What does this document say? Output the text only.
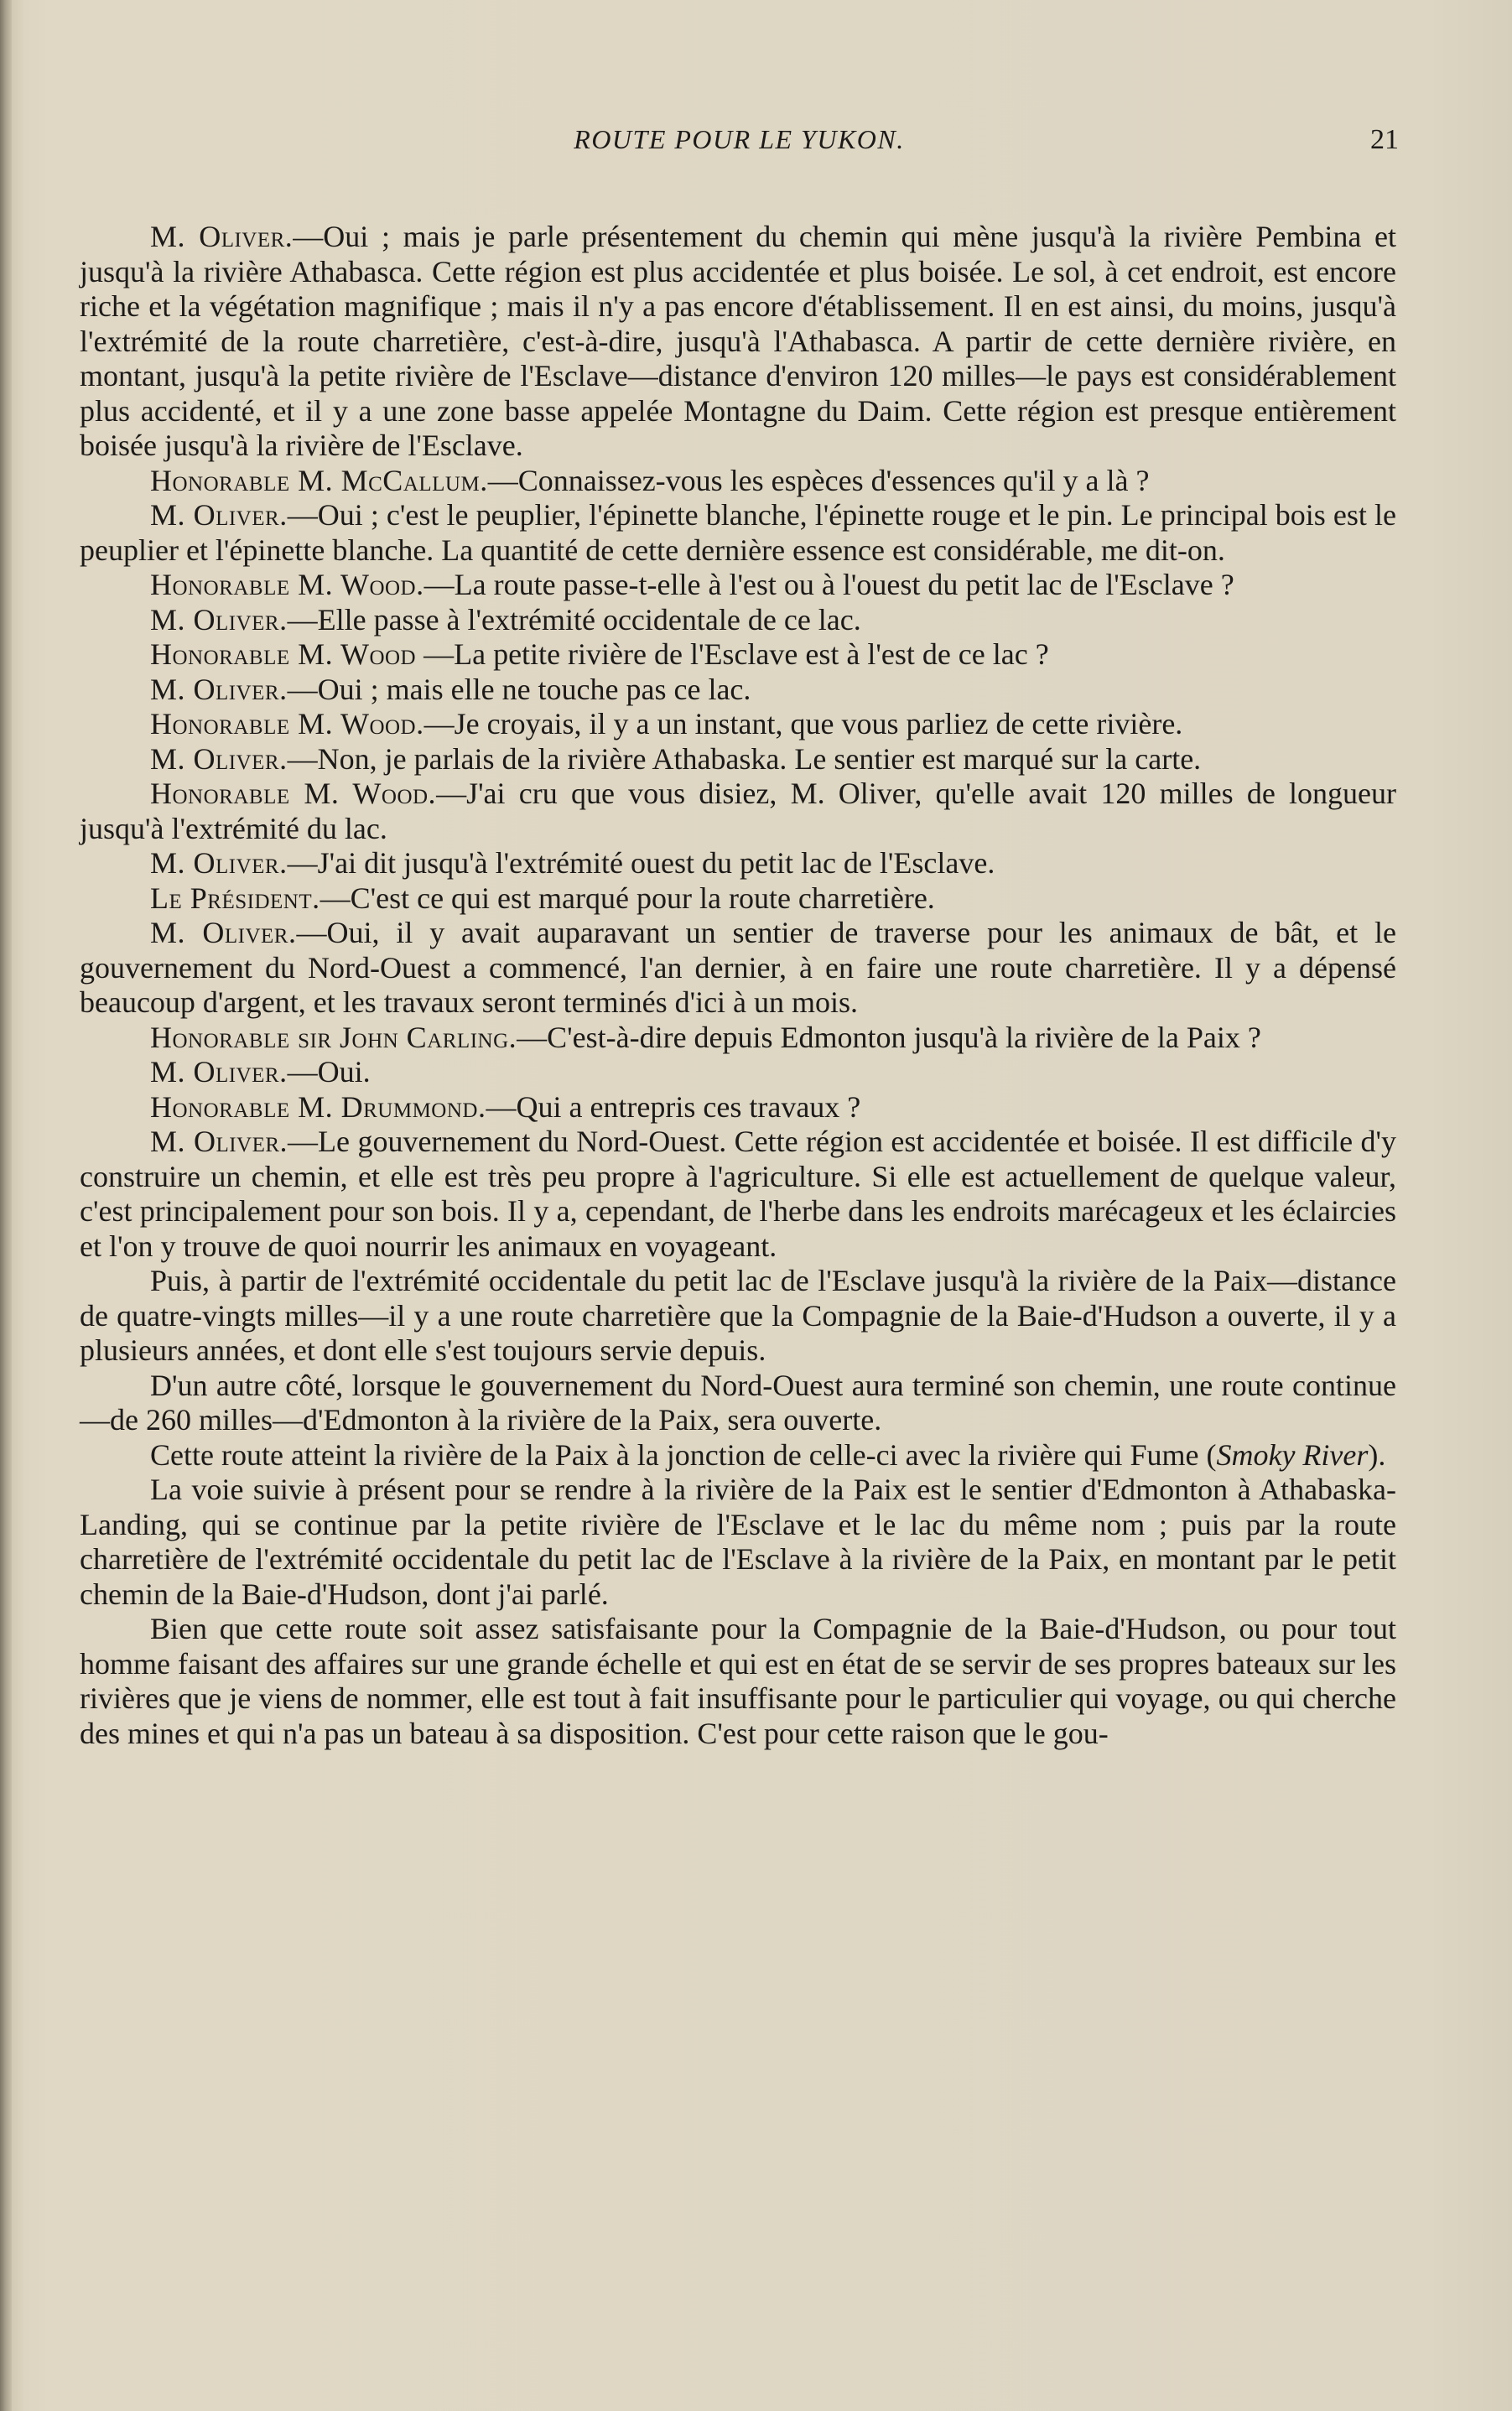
ROUTE POUR LE YUKON.	21

M. Oliver.—Oui ; mais je parle présentement du chemin qui mène jusqu'à la rivière Pembina et jusqu'à la rivière Athabasca. Cette région est plus accidentée et plus boisée. Le sol, à cet endroit, est encore riche et la végétation magnifique ; mais il n'y a pas encore d'établissement. Il en est ainsi, du moins, jusqu'à l'extrémité de la route charretière, c'est-à-dire, jusqu'à l'Athabasca. A partir de cette dernière rivière, en montant, jusqu'à la petite rivière de l'Esclave—distance d'environ 120 milles—le pays est considérablement plus accidenté, et il y a une zone basse appelée Montagne du Daim. Cette région est presque entièrement boisée jusqu'à la rivière de l'Esclave.

Honorable M. McCallum.—Connaissez-vous les espèces d'essences qu'il y a là ?

M. Oliver.—Oui ; c'est le peuplier, l'épinette blanche, l'épinette rouge et le pin. Le principal bois est le peuplier et l'épinette blanche. La quantité de cette dernière essence est considérable, me dit-on.

Honorable M. Wood.—La route passe-t-elle à l'est ou à l'ouest du petit lac de l'Esclave ?

M. Oliver.—Elle passe à l'extrémité occidentale de ce lac.

Honorable M. Wood —La petite rivière de l'Esclave est à l'est de ce lac ?

M. Oliver.—Oui ; mais elle ne touche pas ce lac.

Honorable M. Wood.—Je croyais, il y a un instant, que vous parliez de cette rivière.

M. Oliver.—Non, je parlais de la rivière Athabaska. Le sentier est marqué sur la carte.

Honorable M. Wood.—J'ai cru que vous disiez, M. Oliver, qu'elle avait 120 milles de longueur jusqu'à l'extrémité du lac.

M. Oliver.—J'ai dit jusqu'à l'extrémité ouest du petit lac de l'Esclave.

Le Président.—C'est ce qui est marqué pour la route charretière.

M. Oliver.—Oui, il y avait auparavant un sentier de traverse pour les animaux de bât, et le gouvernement du Nord-Ouest a commencé, l'an dernier, à en faire une route charretière. Il y a dépensé beaucoup d'argent, et les travaux seront terminés d'ici à un mois.

Honorable sir John Carling.—C'est-à-dire depuis Edmonton jusqu'à la rivière de la Paix ?

M. Oliver.—Oui.

Honorable M. Drummond.—Qui a entrepris ces travaux ?

M. Oliver.—Le gouvernement du Nord-Ouest. Cette région est accidentée et boisée. Il est difficile d'y construire un chemin, et elle est très peu propre à l'agriculture. Si elle est actuellement de quelque valeur, c'est principalement pour son bois. Il y a, cependant, de l'herbe dans les endroits marécageux et les éclaircies et l'on y trouve de quoi nourrir les animaux en voyageant.

Puis, à partir de l'extrémité occidentale du petit lac de l'Esclave jusqu'à la rivière de la Paix—distance de quatre-vingts milles—il y a une route charretière que la Compagnie de la Baie-d'Hudson a ouverte, il y a plusieurs années, et dont elle s'est toujours servie depuis.

D'un autre côté, lorsque le gouvernement du Nord-Ouest aura terminé son chemin, une route continue—de 260 milles—d'Edmonton à la rivière de la Paix, sera ouverte.

Cette route atteint la rivière de la Paix à la jonction de celle-ci avec la rivière qui Fume (Smoky River).

La voie suivie à présent pour se rendre à la rivière de la Paix est le sentier d'Edmonton à Athabaska-Landing, qui se continue par la petite rivière de l'Esclave et le lac du même nom ; puis par la route charretière de l'extrémité occidentale du petit lac de l'Esclave à la rivière de la Paix, en montant par le petit chemin de la Baie-d'Hudson, dont j'ai parlé.

Bien que cette route soit assez satisfaisante pour la Compagnie de la Baie-d'Hudson, ou pour tout homme faisant des affaires sur une grande échelle et qui est en état de se servir de ses propres bateaux sur les rivières que je viens de nommer, elle est tout à fait insuffisante pour le particulier qui voyage, ou qui cherche des mines et qui n'a pas un bateau à sa disposition. C'est pour cette raison que le gou-
